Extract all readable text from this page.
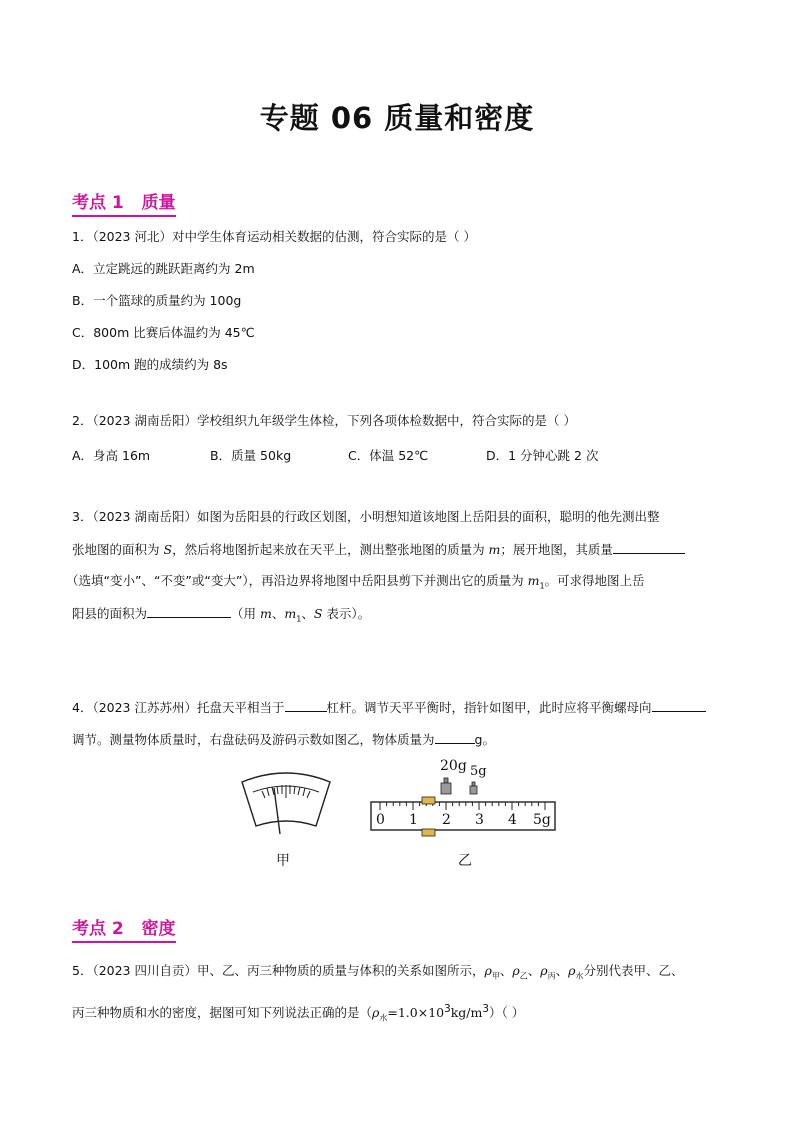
专题 06 质量和密度
考点 1   质量
1．（2023 河北）对中学生体育运动相关数据的估测，符合实际的是（ ）
A．立定跳远的跳跃距离约为 2m
B．一个篮球的质量约为 100g
C．800m 比赛后体温约为 45℃
D．100m 跑的成绩约为 8s
2．（2023 湖南岳阳）学校组织九年级学生体检，下列各项体检数据中，符合实际的是（ ）
A．身高 16m	B．质量 50kg	C．体温 52℃	D．1 分钟心跳 2 次
3．（2023 湖南岳阳）如图为岳阳县的行政区划图，小明想知道该地图上岳阳县的面积，聪明的他先测出整
张地图的面积为 S，然后将地图折起来放在天平上，测出整张地图的质量为 m；展开地图，其质量
（选填“变小”、“不变”或“变大”），再沿边界将地图中岳阳县剪下并测出它的质量为 $m_1$。可求得地图上岳
阳县的面积为	（用 m、$m_1$、S 表示）。
4．（2023 江苏苏州）托盘天平相当于	杠杆。调节天平平衡时，指针如图甲，此时应将平衡螺母向
调节。测量物体质量时，右盘砝码及游码示数如图乙，物体质量为	g。
甲
20g 5g
0 1 2 3 4 5g
乙
考点 2   密度
5．（2023 四川自贡）甲、乙、丙三种物质的质量与体积的关系如图所示，$\rho_甲$、$\rho_乙$、$\rho_丙$、$\rho_水$分别代表甲、乙、
丙三种物质和水的密度，据图可知下列说法正确的是$(\rho_水=1.0\times 10^3kg/m^3)$（ ）
